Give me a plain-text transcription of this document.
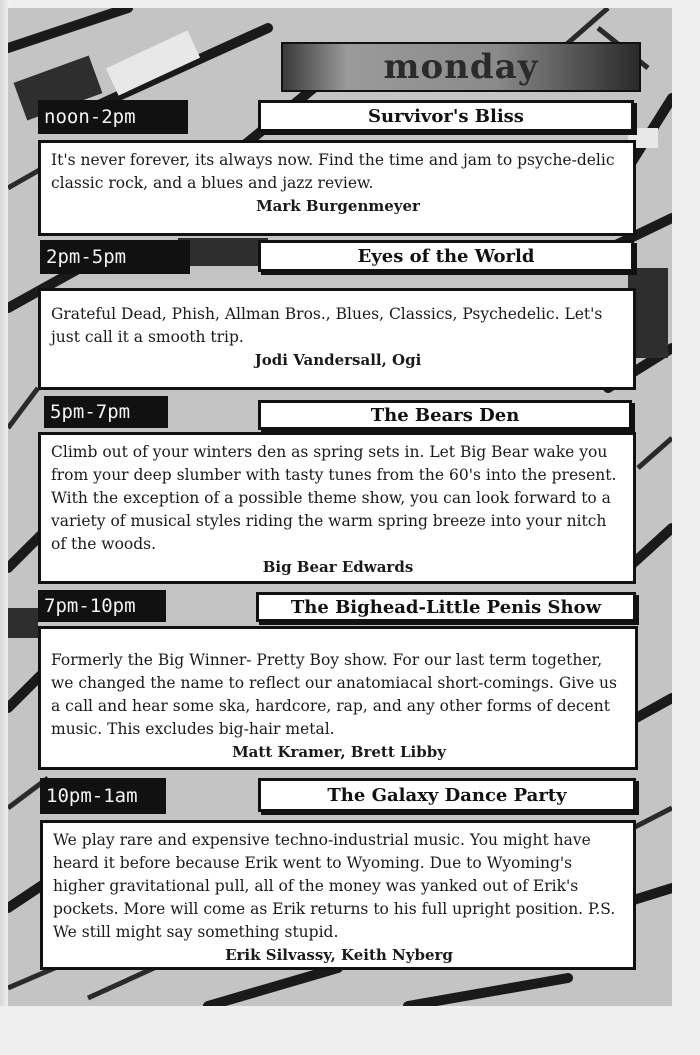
monday
noon-2pm	Survivor's Bliss
It's never forever, its always now. Find the time and jam to psyche-delic classic rock, and a blues and jazz review.
Mark Burgenmeyer
2pm-5pm	Eyes of the World
Grateful Dead, Phish, Allman Bros., Blues, Classics, Psychedelic. Let's just call it a smooth trip.
Jodi Vandersall, Ogi
5pm-7pm	The Bears Den
Climb out of your winters den as spring sets in. Let Big Bear wake you from your deep slumber with tasty tunes from the 60's into the present. With the exception of a possible theme show, you can look forward to a variety of musical styles riding the warm spring breeze into your nitch of the woods.
Big Bear Edwards
7pm-10pm	The Bighead-Little Penis Show
Formerly the Big Winner- Pretty Boy show. For our last term together, we changed the name to reflect our anatomiacal short-comings. Give us a call and hear some ska, hardcore, rap, and any other forms of decent music. This excludes big-hair metal.
Matt Kramer, Brett Libby
10pm-1am	The Galaxy Dance Party
We play rare and expensive techno-industrial music. You might have heard it before because Erik went to Wyoming. Due to Wyoming's higher gravitational pull, all of the money was yanked out of Erik's pockets. More will come as Erik returns to his full upright position. P.S. We still might say something stupid.
Erik Silvassy, Keith Nyberg
